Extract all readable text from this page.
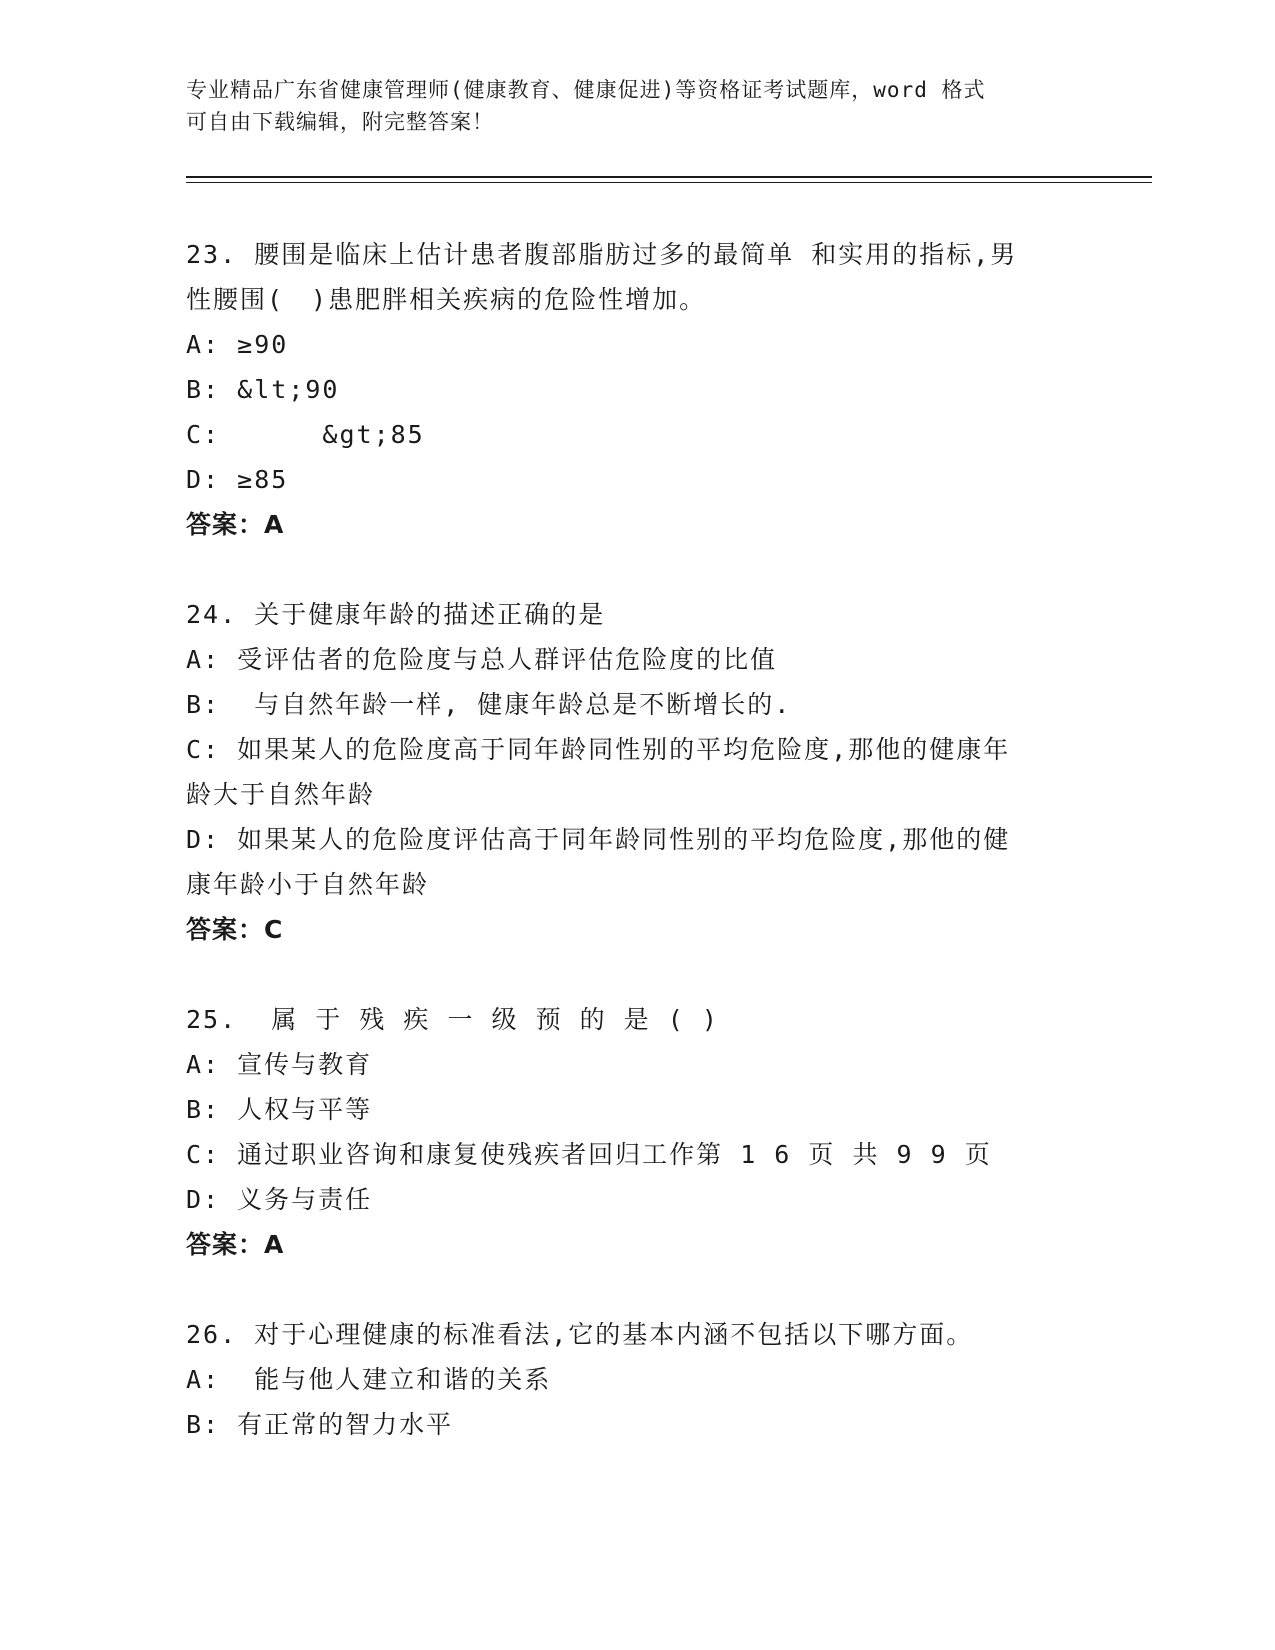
专业精品广东省健康管理师(健康教育、健康促进)等资格证考试题库，word 格式
可自由下载编辑，附完整答案！
23. 腰围是临床上估计患者腹部脂肪过多的最简单 和实用的指标,男
性腰围(　)患肥胖相关疾病的危险性增加。
A: ≥90
B: &lt;90
C:      &gt;85
D: ≥85
答案：A
24. 关于健康年龄的描述正确的是
A: 受评估者的危险度与总人群评估危险度的比值
B:  与自然年龄一样, 健康年龄总是不断增长的.
C: 如果某人的危险度高于同年龄同性别的平均危险度,那他的健康年
龄大于自然年龄
D: 如果某人的危险度评估高于同年龄同性别的平均危险度,那他的健
康年龄小于自然年龄
答案：C
25.  属 于 残 疾 一 级 预 的 是 ( )
A: 宣传与教育
B: 人权与平等
C: 通过职业咨询和康复使残疾者回归工作第 1 6 页 共 9 9 页
D: 义务与责任
答案：A
26. 对于心理健康的标准看法,它的基本内涵不包括以下哪方面。
A:  能与他人建立和谐的关系
B: 有正常的智力水平
